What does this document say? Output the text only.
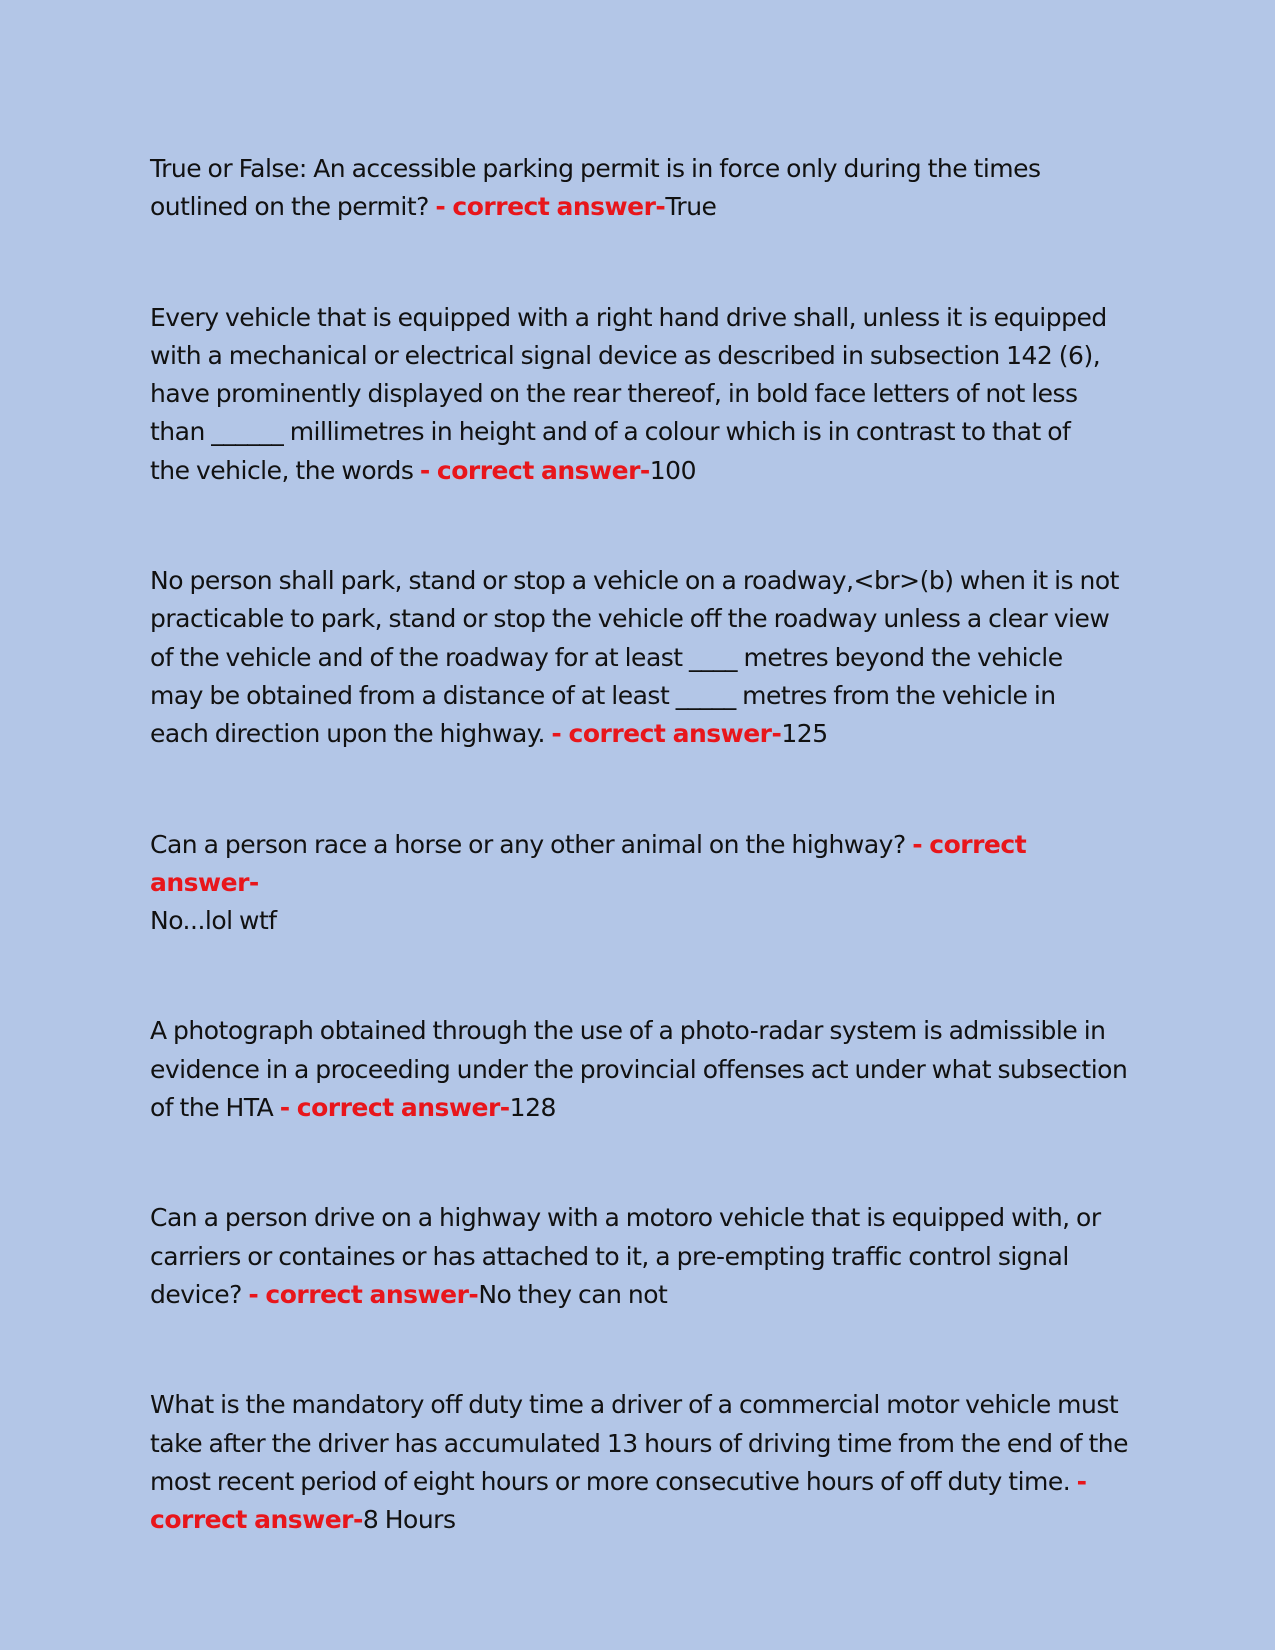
True or False: An accessible parking permit is in force only during the times
outlined on the permit? - correct answer-True

Every vehicle that is equipped with a right hand drive shall, unless it is equipped
with a mechanical or electrical signal device as described in subsection 142 (6),
have prominently displayed on the rear thereof, in bold face letters of not less
than ______ millimetres in height and of a colour which is in contrast to that of
the vehicle, the words - correct answer-100

No person shall park, stand or stop a vehicle on a roadway,<br>(b) when it is not
practicable to park, stand or stop the vehicle off the roadway unless a clear view
of the vehicle and of the roadway for at least ____ metres beyond the vehicle
may be obtained from a distance of at least _____ metres from the vehicle in
each direction upon the highway. - correct answer-125

Can a person race a horse or any other animal on the highway? - correct answer-
No...lol wtf

A photograph obtained through the use of a photo-radar system is admissible in
evidence in a proceeding under the provincial offenses act under what subsection
of the HTA - correct answer-128

Can a person drive on a highway with a motoro vehicle that is equipped with, or
carriers or containes or has attached to it, a pre-empting traffic control signal
device? - correct answer-No they can not

What is the mandatory off duty time a driver of a commercial motor vehicle must
take after the driver has accumulated 13 hours of driving time from the end of the
most recent period of eight hours or more consecutive hours of off duty time. -
correct answer-8 Hours
